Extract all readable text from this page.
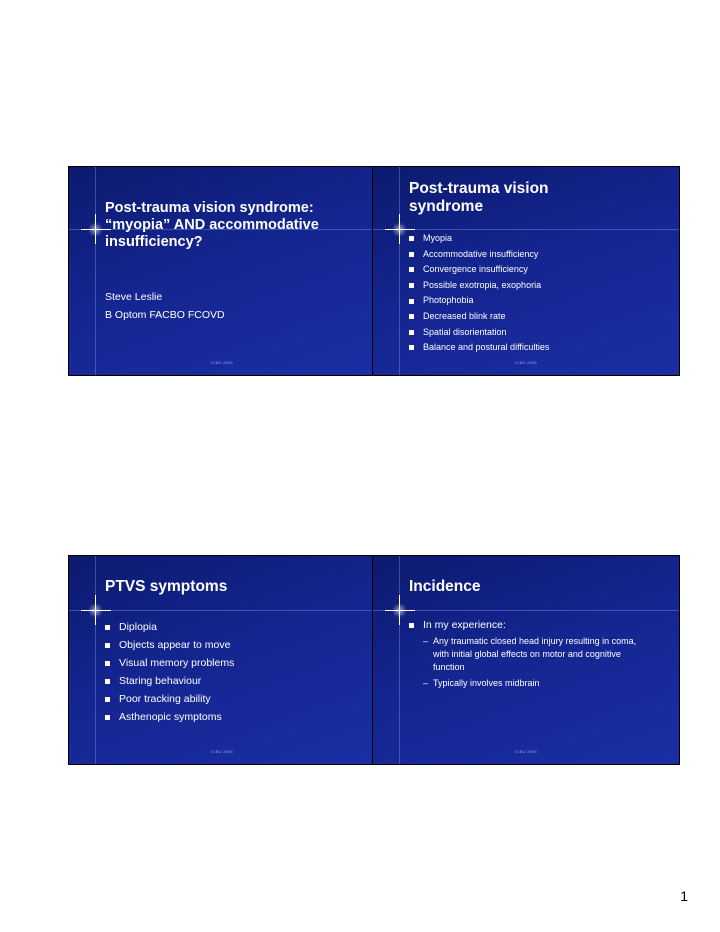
Post-trauma vision syndrome: “myopia” AND accommodative insufficiency?
Steve Leslie
B Optom FACBO FCOVD
ICBO 2008
Post-trauma vision syndrome
Myopia
Accommodative insufficiency
Convergence insufficiency
Possible exotropia, exophoria
Photophobia
Decreased blink rate
Spatial disorientation
Balance and postural difficulties
ICBO 2008
PTVS symptoms
Diplopia
Objects appear to move
Visual memory problems
Staring behaviour
Poor tracking ability
Asthenopic symptoms
ICBO 2008
Incidence
In my experience:
– Any traumatic closed head injury resulting in coma, with initial global effects on motor and cognitive function
– Typically involves midbrain
ICBO 2008
1
